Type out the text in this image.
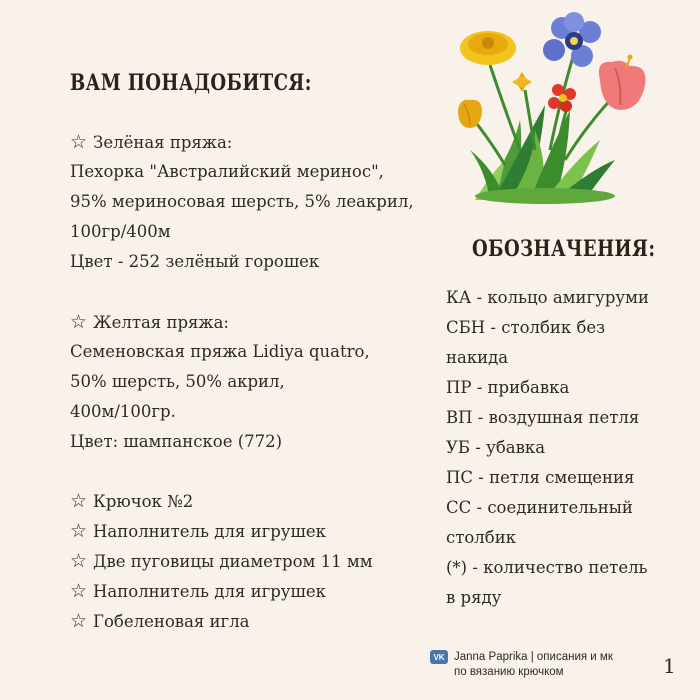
ВАМ ПОНАДОБИТСЯ:
☆ Зелёная пряжа:
Пехорка "Австралийский меринос",
95% мериносовая шерсть, 5% леакрил,
100гр/400м
Цвет - 252 зелёный горошек
☆ Желтая пряжа:
Семеновская пряжа Lidiya quatro,
50% шерсть, 50% акрил,
400м/100гр.
Цвет: шампанское (772)
☆ Крючок №2
☆ Наполнитель для игрушек
☆ Две пуговицы диаметром 11 мм
☆ Наполнитель для игрушек
☆ Гобеленовая игла
ОБОЗНАЧЕНИЯ:
КА - кольцо амигуруми
СБН - столбик без
накида
ПР - прибавка
ВП - воздушная петля
УБ - убавка
ПС - петля смещения
СС - соединительный
столбик
(*) - количество петель
в ряду
VK Janna Paprika | описания и мк
по вязанию крючком	1
